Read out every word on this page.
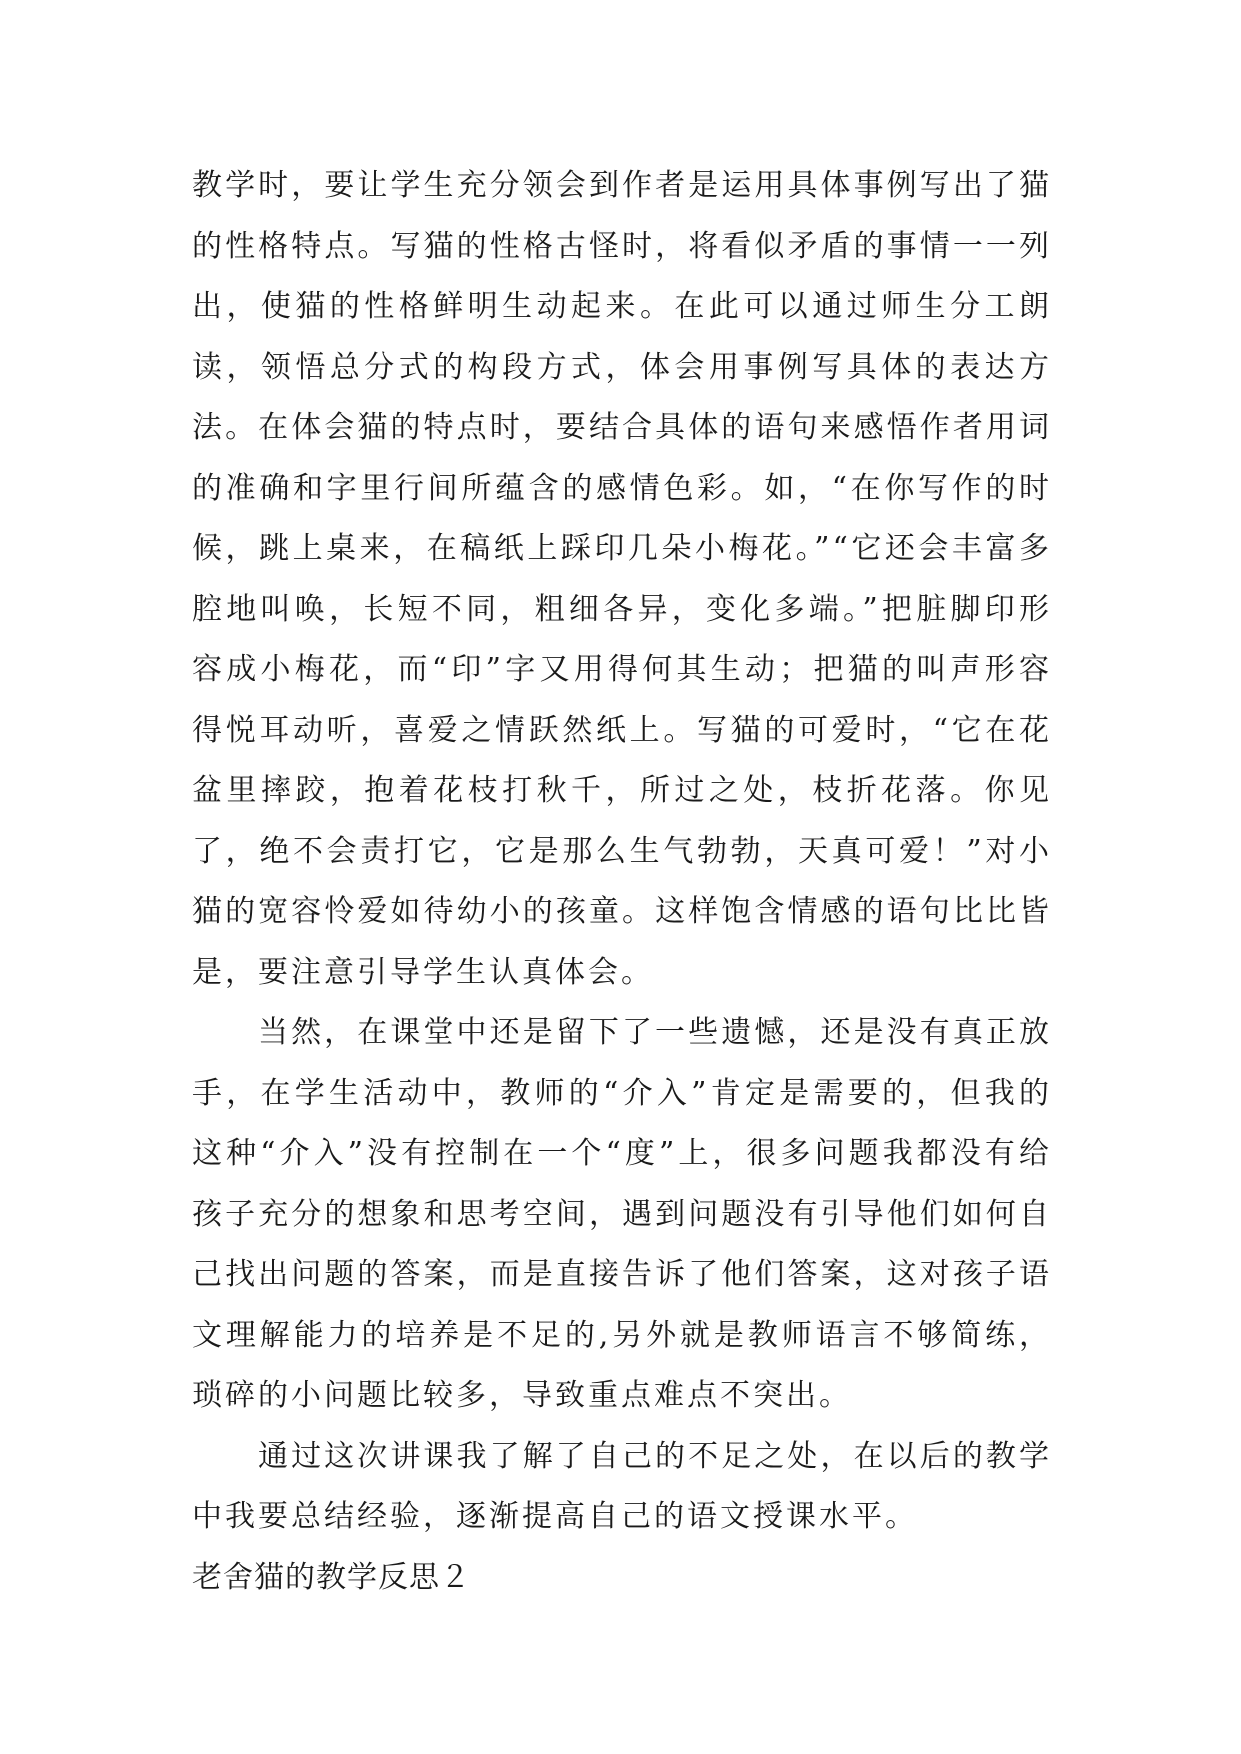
教学时，要让学生充分领会到作者是运用具体事例写出了猫的性格特点。写猫的性格古怪时，将看似矛盾的事情一一列出，使猫的性格鲜明生动起来。在此可以通过师生分工朗读，领悟总分式的构段方式，体会用事例写具体的表达方法。在体会猫的特点时，要结合具体的语句来感悟作者用词的准确和字里行间所蕴含的感情色彩。如，“在你写作的时候，跳上桌来，在稿纸上踩印几朵小梅花。”“它还会丰富多腔地叫唤，长短不同，粗细各异，变化多端。”把脏脚印形容成小梅花，而“印”字又用得何其生动；把猫的叫声形容得悦耳动听，喜爱之情跃然纸上。写猫的可爱时，“它在花盆里摔跤，抱着花枝打秋千，所过之处，枝折花落。你见了，绝不会责打它，它是那么生气勃勃，天真可爱！”对小猫的宽容怜爱如待幼小的孩童。这样饱含情感的语句比比皆是，要注意引导学生认真体会。

当然，在课堂中还是留下了一些遗憾，还是没有真正放手，在学生活动中，教师的“介入”肯定是需要的，但我的这种“介入”没有控制在一个“度”上，很多问题我都没有给孩子充分的想象和思考空间，遇到问题没有引导他们如何自己找出问题的答案，而是直接告诉了他们答案，这对孩子语文理解能力的培养是不足的,另外就是教师语言不够简练，琐碎的小问题比较多，导致重点难点不突出。

通过这次讲课我了解了自己的不足之处，在以后的教学中我要总结经验，逐渐提高自己的语文授课水平。

老舍猫的教学反思２
